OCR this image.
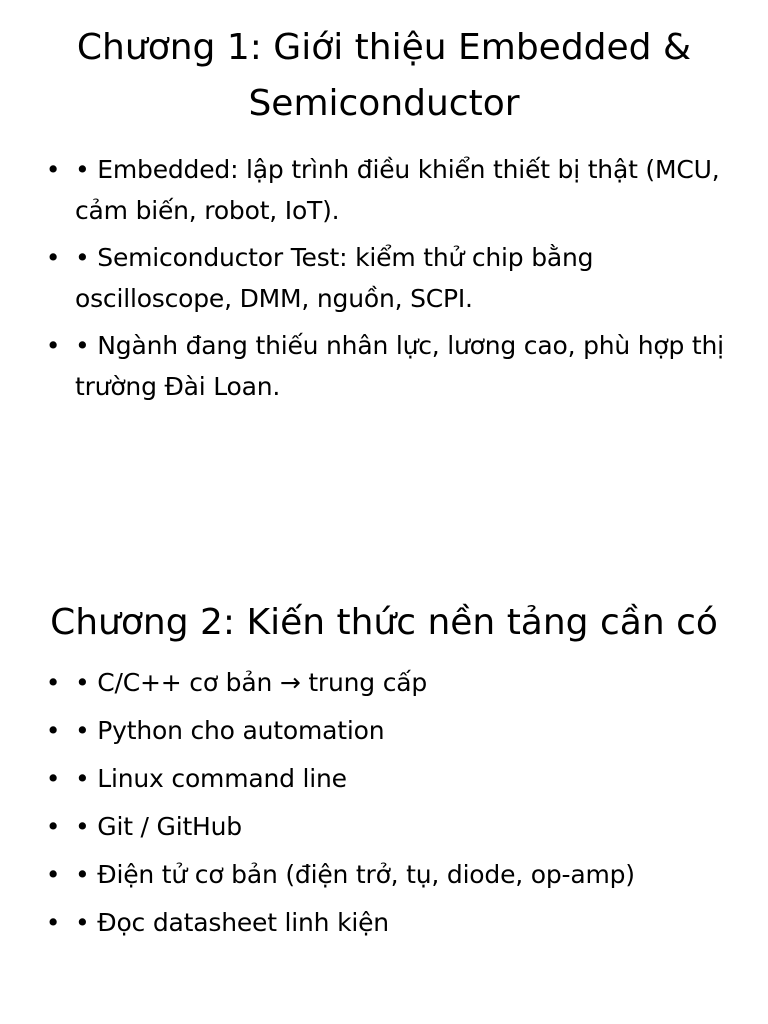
Chương 1: Giới thiệu Embedded & Semiconductor
• • Embedded: lập trình điều khiển thiết bị thật (MCU, cảm biến, robot, IoT).
• • Semiconductor Test: kiểm thử chip bằng oscilloscope, DMM, nguồn, SCPI.
• • Ngành đang thiếu nhân lực, lương cao, phù hợp thị trường Đài Loan.
Chương 2: Kiến thức nền tảng cần có
• • C/C++ cơ bản → trung cấp
• • Python cho automation
• • Linux command line
• • Git / GitHub
• • Điện tử cơ bản (điện trở, tụ, diode, op-amp)
• • Đọc datasheet linh kiện
